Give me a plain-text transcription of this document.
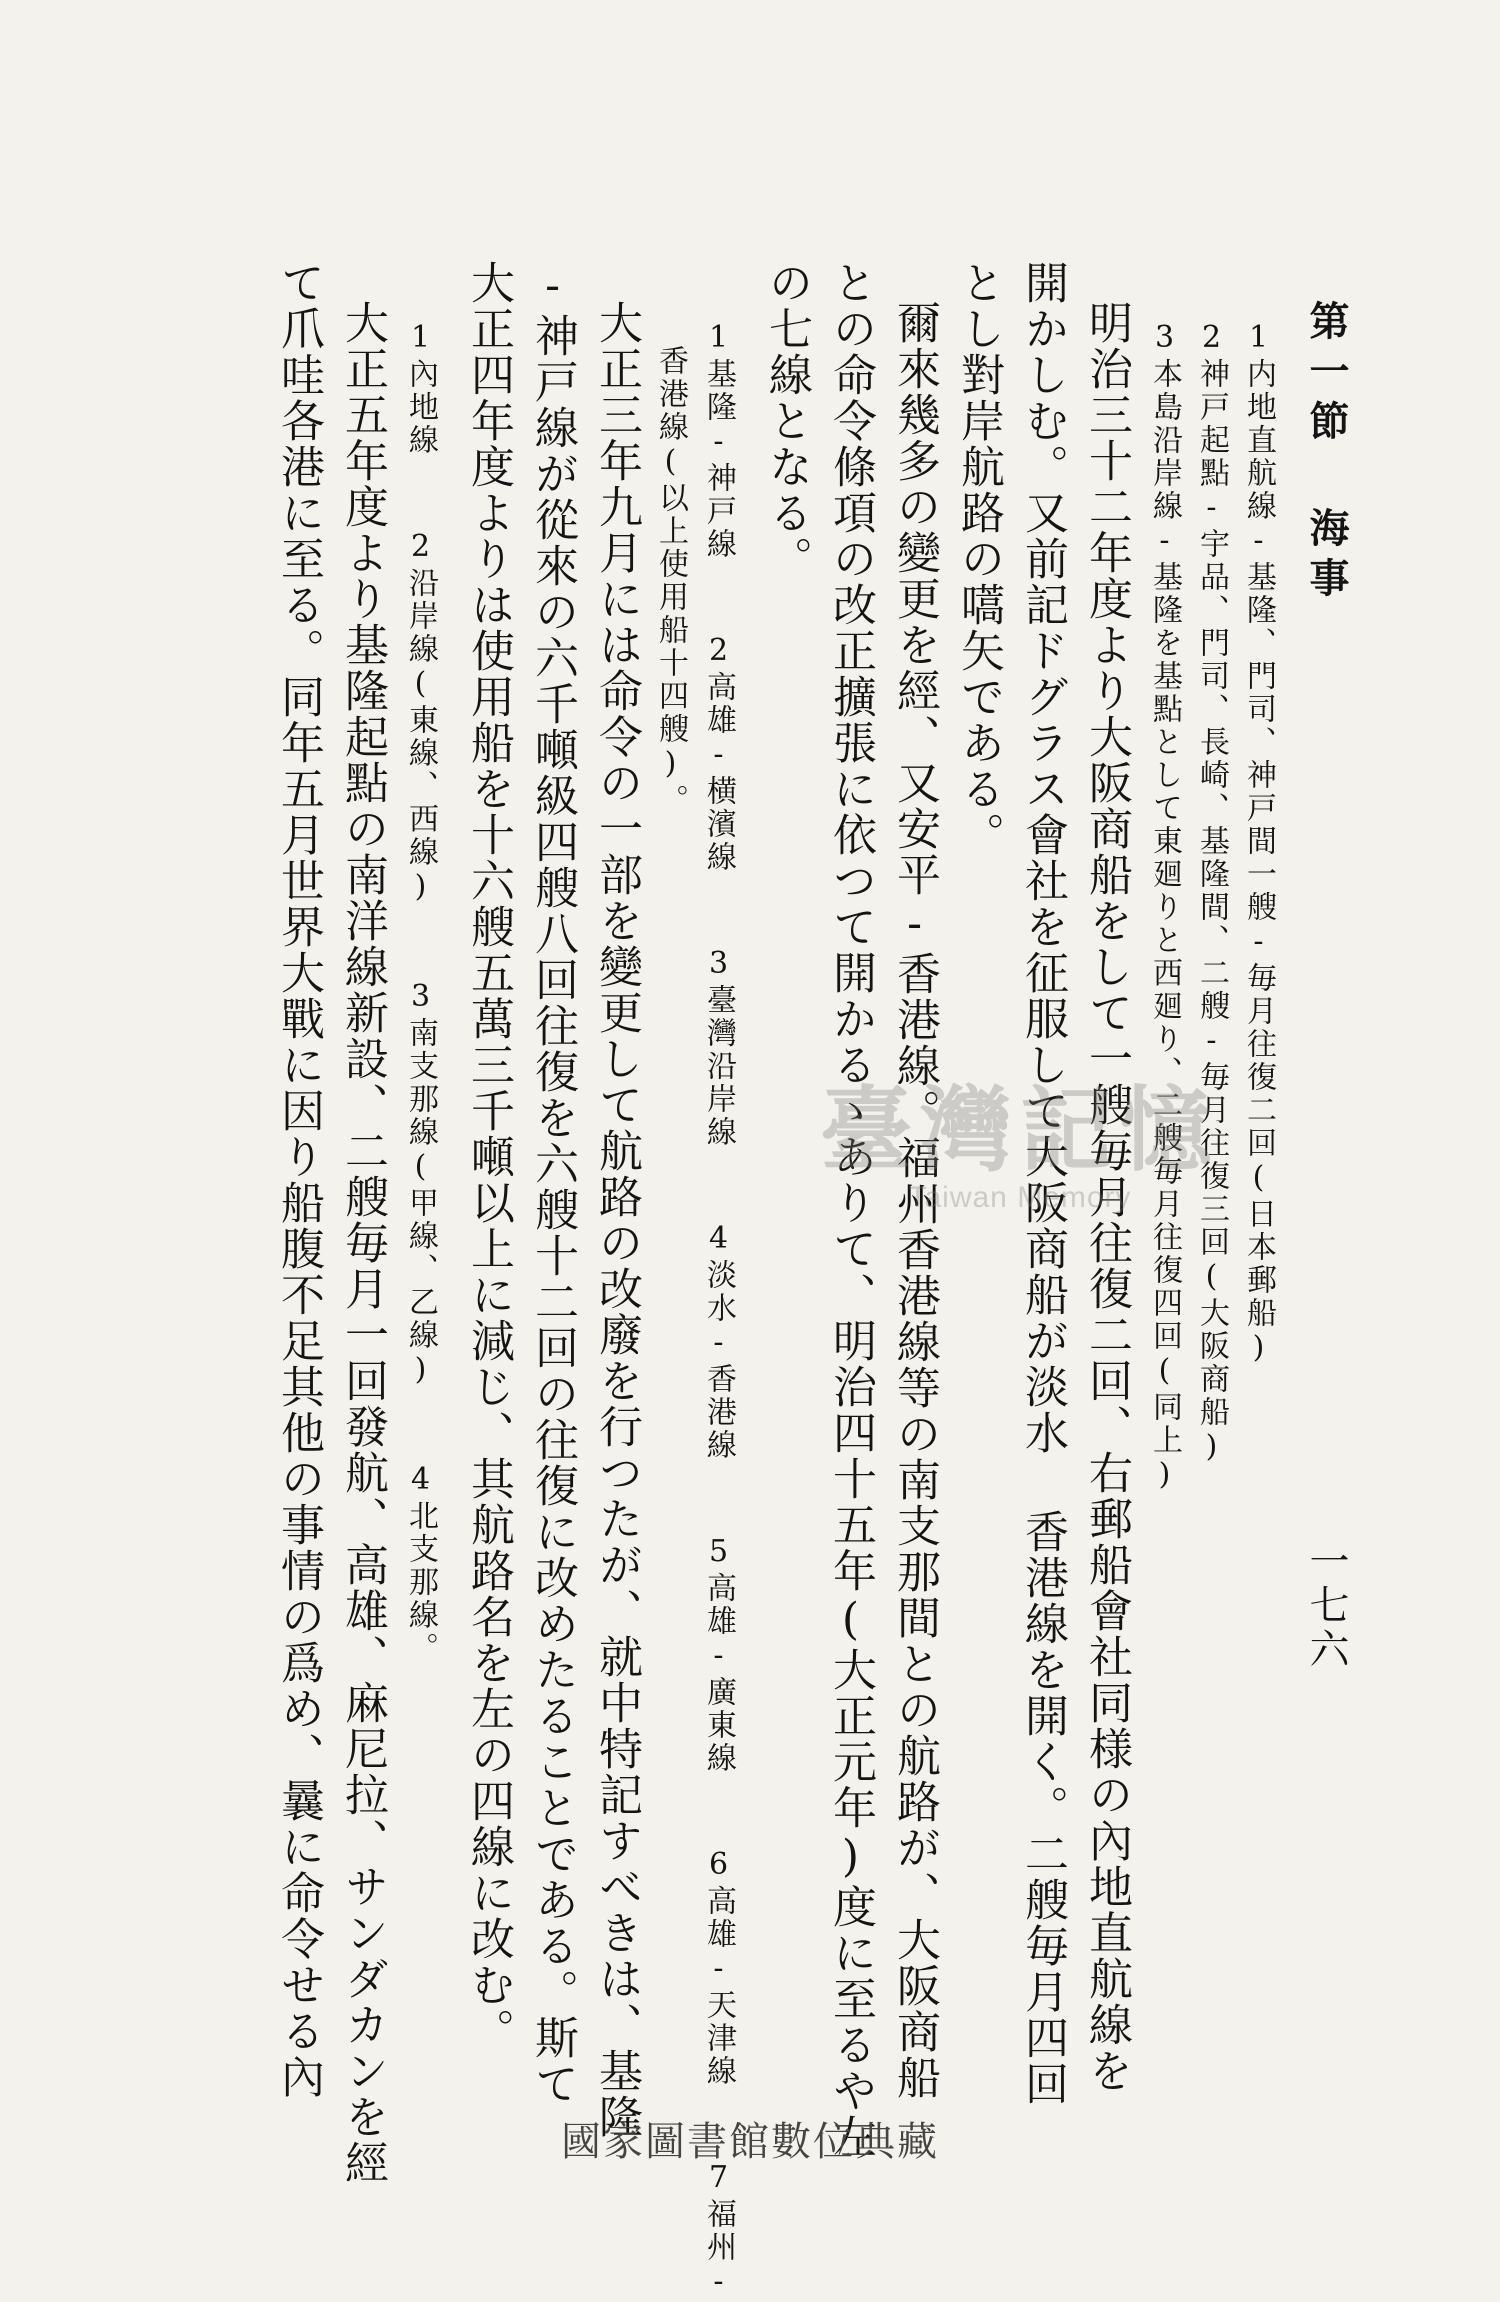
第一節 海事
一七六
1内地直航線-基隆、門司、神戸間一艘-毎月往復二回(日本郵船)
2神戸起點-宇品、門司、長崎、基隆間、二艘-毎月往復三回(大阪商船)
3本島沿岸線-基隆を基點として東廻りと西廻り、二艘毎月往復四回(同上)
明治三十二年度より大阪商船をして一艘毎月往復二回、右郵船會社同様の內地直航線を
開かしむ。又前記ドグラス會社を征服して大阪商船が淡水 香港線を開く。二艘毎月四回
とし對岸航路の嚆矢である。
爾來幾多の變更を經、又安平-香港線。福州香港線等の南支那間との航路が、大阪商船
との命令條項の改正擴張に依つて開かるゝありて、明治四十五年(大正元年)度に至るや左
の七線となる。
1基隆-神戸線 2高雄-横濱線 3臺灣沿岸線 4淡水-香港線 5高雄-廣東線 6高雄-天津線 7福州-
香港線(以上使用船十四艘)。
大正三年九月には命令の一部を變更して航路の改廢を行つたが、就中特記すべきは、基隆
-神戸線が從來の六千噸級四艘八回往復を六艘十二回の往復に改めたることである。斯て
大正四年度よりは使用船を十六艘五萬三千噸以上に減じ、其航路名を左の四線に改む。
1內地線 2沿岸線(東線、西線) 3南支那線(甲線、乙線) 4北支那線。
大正五年度より基隆起點の南洋線新設、二艘毎月一回發航、高雄、麻尼拉、サンダカンを經
て爪哇各港に至る。同年五月世界大戰に因り船腹不足其他の事情の爲め、曩に命令せる內	臺灣記憶
Taiwan Memory
國家圖書館數位典藏
